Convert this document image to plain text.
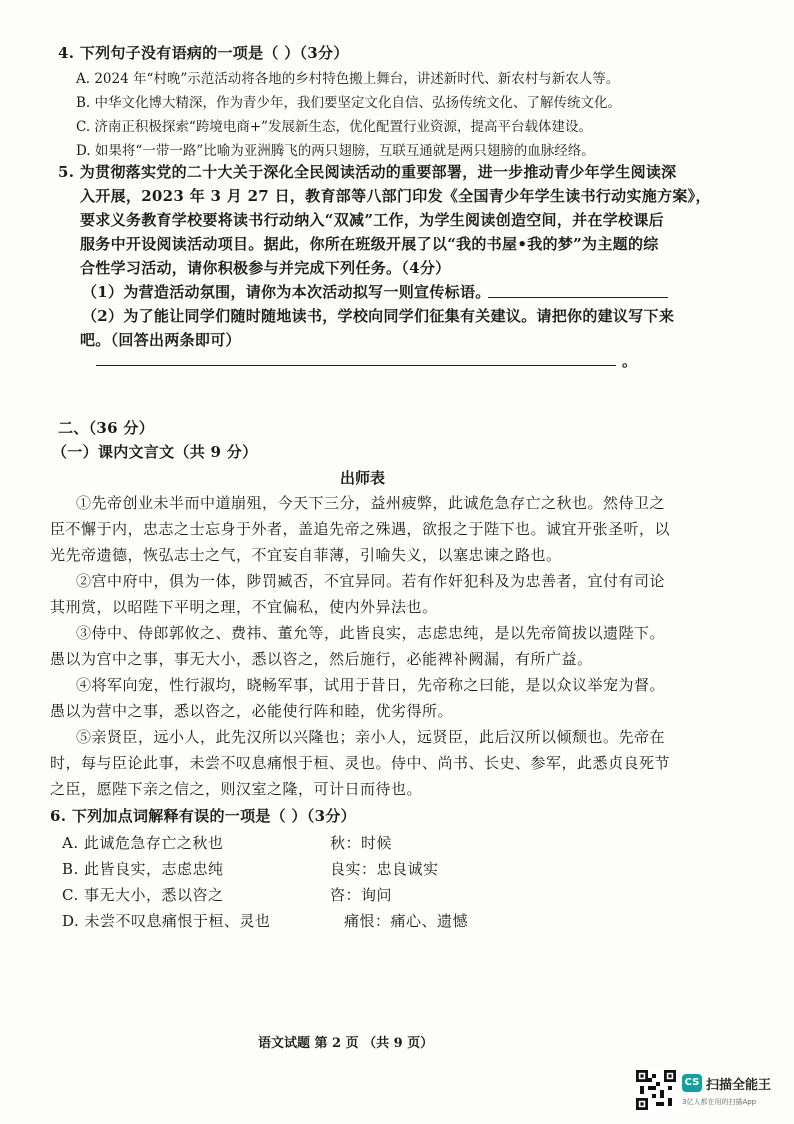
4. 下列句子没有语病的一项是（ ）（3分）
A. 2024 年“村晚”示范活动将各地的乡村特色搬上舞台，讲述新时代、新农村与新农人等。
B. 中华文化博大精深，作为青少年，我们要坚定文化自信、弘扬传统文化、了解传统文化。
C. 济南正积极探索“跨境电商+”发展新生态，优化配置行业资源，提高平台载体建设。
D. 如果将“一带一路”比喻为亚洲腾飞的两只翅膀，互联互通就是两只翅膀的血脉经络。
5. 为贯彻落实党的二十大关于深化全民阅读活动的重要部署，进一步推动青少年学生阅读深
入开展，2023 年 3 月 27 日，教育部等八部门印发《全国青少年学生读书行动实施方案》，
要求义务教育学校要将读书行动纳入“双减”工作，为学生阅读创造空间，并在学校课后
服务中开设阅读活动项目。据此，你所在班级开展了以“我的书屋•我的梦”为主题的综
合性学习活动，请你积极参与并完成下列任务。（4分）
（1）为营造活动氛围，请你为本次活动拟写一则宣传标语。
（2）为了能让同学们随时随地读书，学校向同学们征集有关建议。请把你的建议写下来
吧。（回答出两条即可）
。
二、（36 分）
（一）课内文言文（共 9 分）
出师表
①先帝创业未半而中道崩殂，今天下三分，益州疲弊，此诚危急存亡之秋也。然侍卫之
臣不懈于内，忠志之士忘身于外者，盖追先帝之殊遇，欲报之于陛下也。诚宜开张圣听，以
光先帝遗德，恢弘志士之气，不宜妄自菲薄，引喻失义，以塞忠谏之路也。
②宫中府中，俱为一体，陟罚臧否，不宜异同。若有作奸犯科及为忠善者，宜付有司论
其刑赏，以昭陛下平明之理，不宜偏私，使内外异法也。
③侍中、侍郎郭攸之、费祎、董允等，此皆良实，志虑忠纯，是以先帝简拔以遗陛下。
愚以为宫中之事，事无大小，悉以咨之，然后施行，必能裨补阙漏，有所广益。
④将军向宠，性行淑均，晓畅军事，试用于昔日，先帝称之曰能，是以众议举宠为督。
愚以为营中之事，悉以咨之，必能使行阵和睦，优劣得所。
⑤亲贤臣，远小人，此先汉所以兴隆也；亲小人，远贤臣，此后汉所以倾颓也。先帝在
时，每与臣论此事，未尝不叹息痛恨于桓、灵也。侍中、尚书、长史、参军，此悉贞良死节
之臣，愿陛下亲之信之，则汉室之隆，可计日而待也。
6. 下列加点词解释有误的一项是（ ）（3分）
A. 此诚危急存亡之秋也	秋：时候
B. 此皆良实，志虑忠纯	良实：忠良诚实
C. 事无大小，悉以咨之	咨：询问
D. 未尝不叹息痛恨于桓、灵也	痛恨：痛心、遗憾
语文试题 第 2 页 （共 9 页）
CS 扫描全能王
3亿人都在用的扫描App
